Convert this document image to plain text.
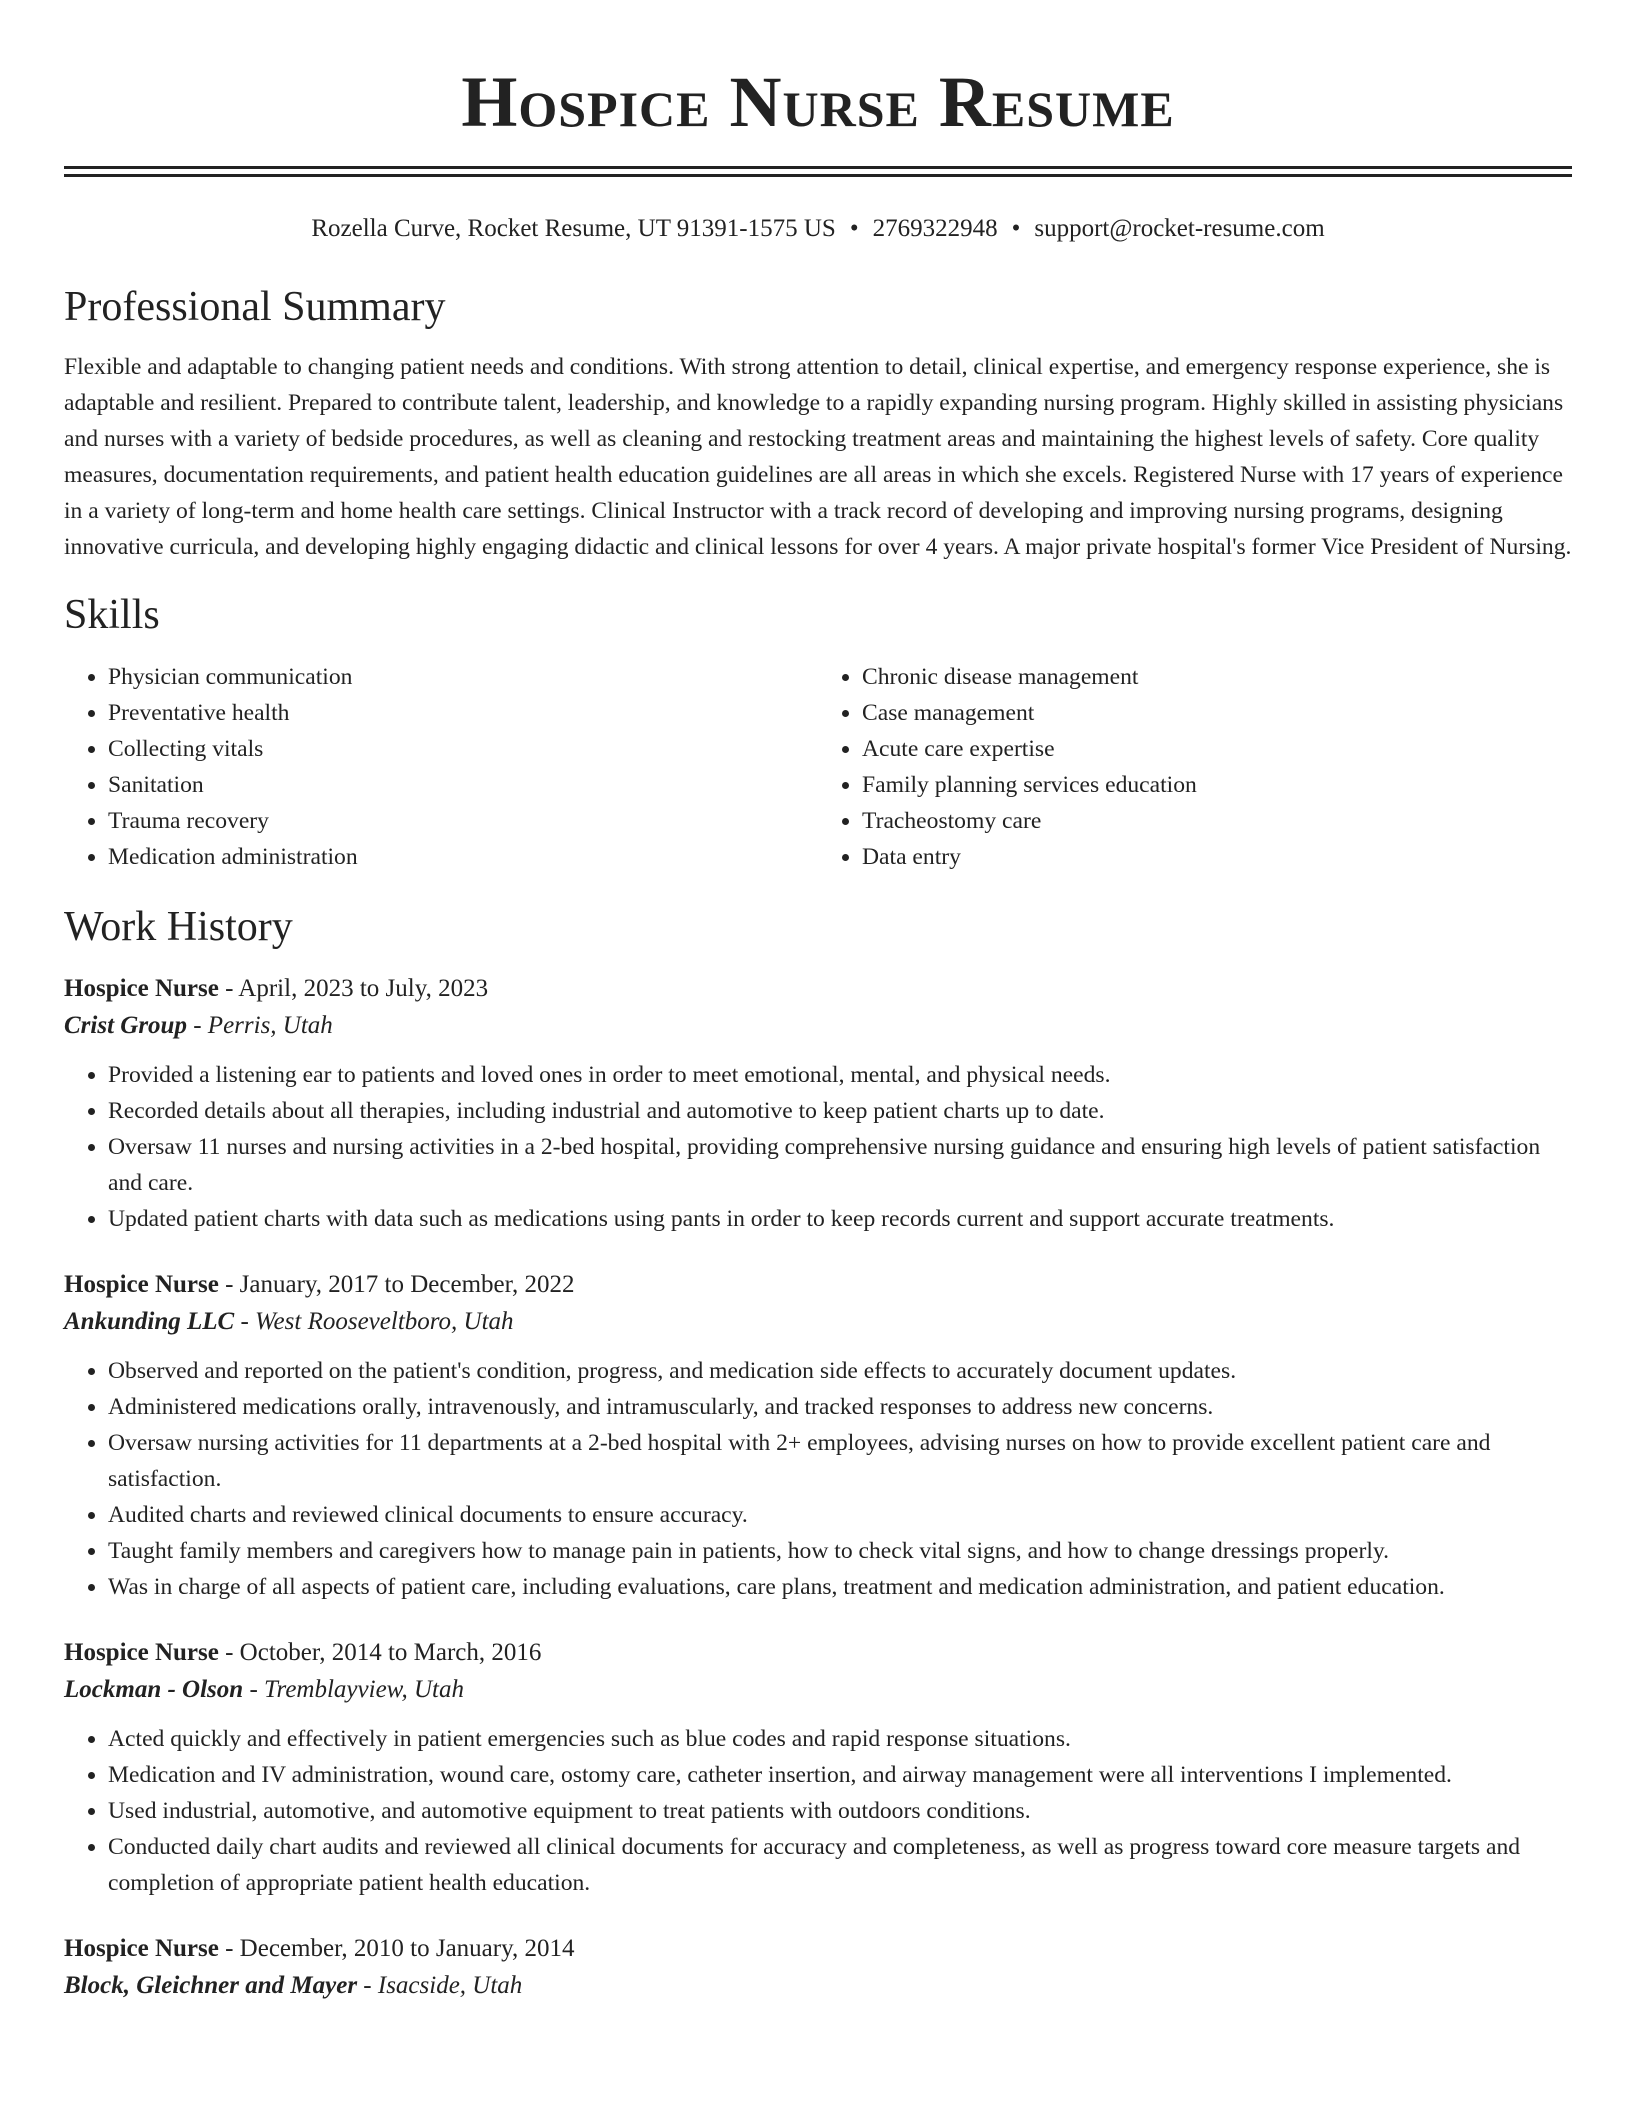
Hospice Nurse Resume
Rozella Curve, Rocket Resume, UT 91391-1575 US • 2769322948 • support@rocket-resume.com
Professional Summary
Flexible and adaptable to changing patient needs and conditions. With strong attention to detail, clinical expertise, and emergency response experience, she is adaptable and resilient. Prepared to contribute talent, leadership, and knowledge to a rapidly expanding nursing program. Highly skilled in assisting physicians and nurses with a variety of bedside procedures, as well as cleaning and restocking treatment areas and maintaining the highest levels of safety. Core quality measures, documentation requirements, and patient health education guidelines are all areas in which she excels. Registered Nurse with 17 years of experience in a variety of long-term and home health care settings. Clinical Instructor with a track record of developing and improving nursing programs, designing innovative curricula, and developing highly engaging didactic and clinical lessons for over 4 years. A major private hospital's former Vice President of Nursing.
Skills
• Physician communication
• Preventative health
• Collecting vitals
• Sanitation
• Trauma recovery
• Medication administration
• Chronic disease management
• Case management
• Acute care expertise
• Family planning services education
• Tracheostomy care
• Data entry
Work History
Hospice Nurse - April, 2023 to July, 2023
Crist Group - Perris, Utah
• Provided a listening ear to patients and loved ones in order to meet emotional, mental, and physical needs.
• Recorded details about all therapies, including industrial and automotive to keep patient charts up to date.
• Oversaw 11 nurses and nursing activities in a 2-bed hospital, providing comprehensive nursing guidance and ensuring high levels of patient satisfaction and care.
• Updated patient charts with data such as medications using pants in order to keep records current and support accurate treatments.
Hospice Nurse - January, 2017 to December, 2022
Ankunding LLC - West Rooseveltboro, Utah
• Observed and reported on the patient's condition, progress, and medication side effects to accurately document updates.
• Administered medications orally, intravenously, and intramuscularly, and tracked responses to address new concerns.
• Oversaw nursing activities for 11 departments at a 2-bed hospital with 2+ employees, advising nurses on how to provide excellent patient care and satisfaction.
• Audited charts and reviewed clinical documents to ensure accuracy.
• Taught family members and caregivers how to manage pain in patients, how to check vital signs, and how to change dressings properly.
• Was in charge of all aspects of patient care, including evaluations, care plans, treatment and medication administration, and patient education.
Hospice Nurse - October, 2014 to March, 2016
Lockman - Olson - Tremblayview, Utah
• Acted quickly and effectively in patient emergencies such as blue codes and rapid response situations.
• Medication and IV administration, wound care, ostomy care, catheter insertion, and airway management were all interventions I implemented.
• Used industrial, automotive, and automotive equipment to treat patients with outdoors conditions.
• Conducted daily chart audits and reviewed all clinical documents for accuracy and completeness, as well as progress toward core measure targets and completion of appropriate patient health education.
Hospice Nurse - December, 2010 to January, 2014
Block, Gleichner and Mayer - Isacside, Utah
